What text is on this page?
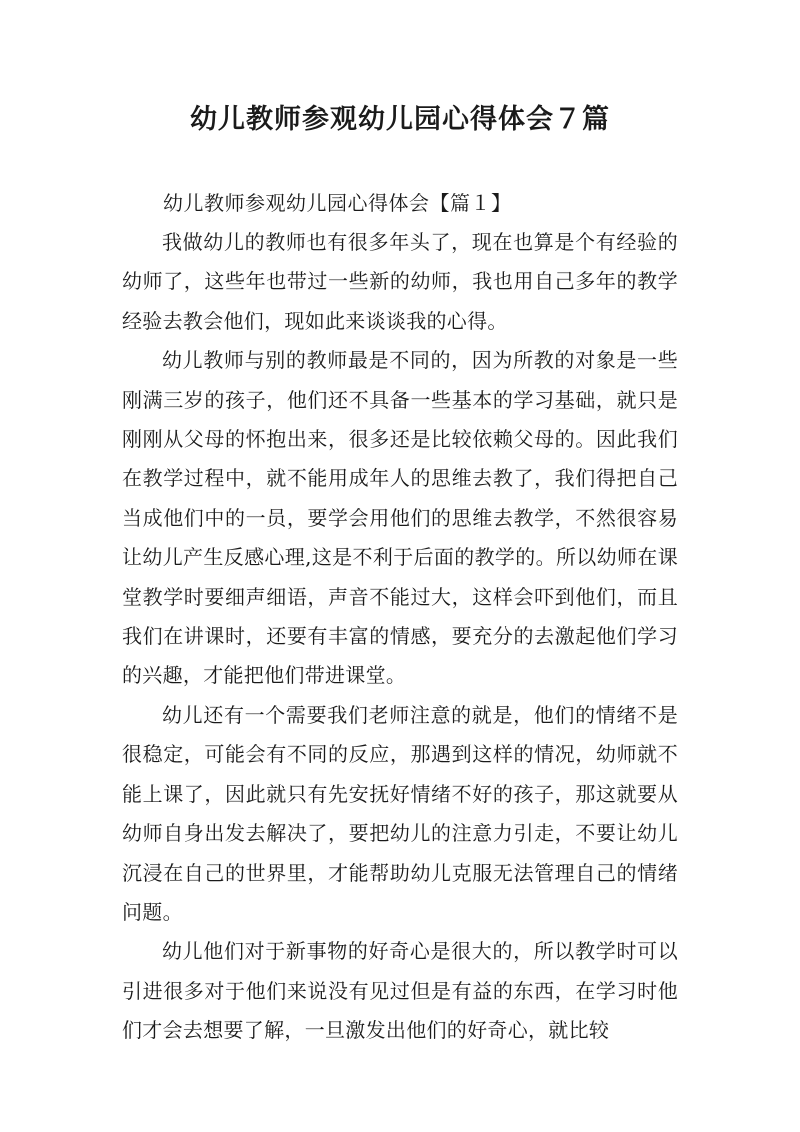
幼儿教师参观幼儿园心得体会７篇
幼儿教师参观幼儿园心得体会【篇１】

我做幼儿的教师也有很多年头了，现在也算是个有经验的幼师了，这些年也带过一些新的幼师，我也用自己多年的教学经验去教会他们，现如此来谈谈我的心得。

幼儿教师与别的教师最是不同的，因为所教的对象是一些刚满三岁的孩子，他们还不具备一些基本的学习基础，就只是刚刚从父母的怀抱出来，很多还是比较依赖父母的。因此我们在教学过程中，就不能用成年人的思维去教了，我们得把自己当成他们中的一员，要学会用他们的思维去教学，不然很容易让幼儿产生反感心理,这是不利于后面的教学的。所以幼师在课堂教学时要细声细语，声音不能过大，这样会吓到他们，而且我们在讲课时，还要有丰富的情感，要充分的去激起他们学习的兴趣，才能把他们带进课堂。

幼儿还有一个需要我们老师注意的就是，他们的情绪不是很稳定，可能会有不同的反应，那遇到这样的情况，幼师就不能上课了，因此就只有先安抚好情绪不好的孩子，那这就要从幼师自身出发去解决了，要把幼儿的注意力引走，不要让幼儿沉浸在自己的世界里，才能帮助幼儿克服无法管理自己的情绪问题。

幼儿他们对于新事物的好奇心是很大的，所以教学时可以引进很多对于他们来说没有见过但是有益的东西，在学习时他们才会去想要了解，一旦激发出他们的好奇心，就比较
